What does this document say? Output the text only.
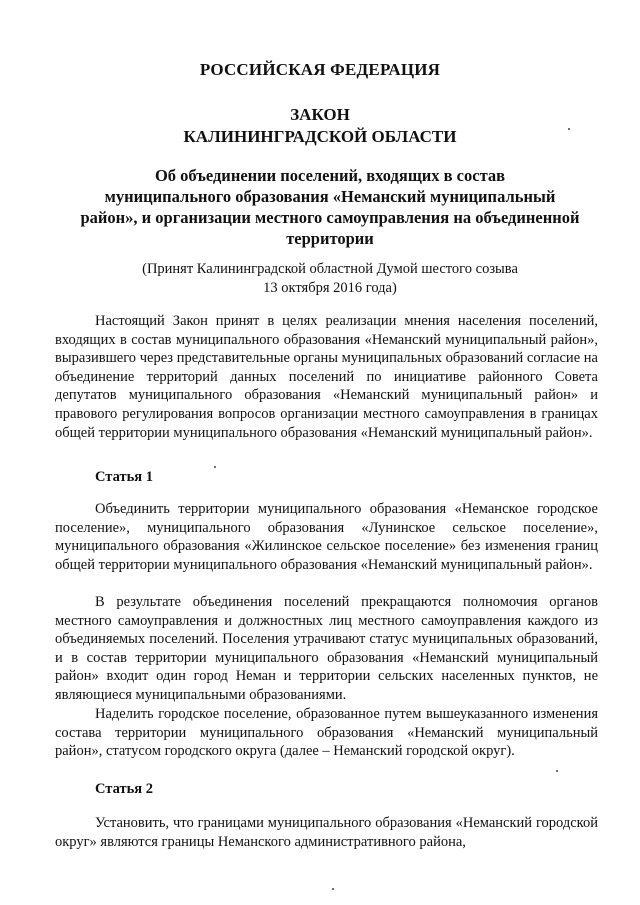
РОССИЙСКАЯ ФЕДЕРАЦИЯ
ЗАКОН
КАЛИНИНГРАДСКОЙ ОБЛАСТИ
Об объединении поселений, входящих в состав
муниципального образования «Неманский муниципальный
район», и организации местного самоуправления на объединенной
территории
(Принят Калининградской областной Думой шестого созыва
13 октября 2016 года)

Настоящий Закон принят в целях реализации мнения населения поселений, входящих в состав муниципального образования «Неманский муниципальный район», выразившего через представительные органы муниципальных образований согласие на объединение территорий данных поселений по инициативе районного Совета депутатов муниципального образования «Неманский муниципальный район» и правового регулирования вопросов организации местного самоуправления в границах общей территории муниципального образования «Неманский муниципальный район».

Статья 1

Объединить территории муниципального образования «Неманское городское поселение», муниципального образования «Лунинское сельское поселение», муниципального образования «Жилинское сельское поселение» без изменения границ общей территории муниципального образования «Неманский муниципальный район».

В результате объединения поселений прекращаются полномочия органов местного самоуправления и должностных лиц местного самоуправления каждого из объединяемых поселений. Поселения утрачивают статус муниципальных образований, и в состав территории муниципального образования «Неманский муниципальный район» входит один город Неман и территории сельских населенных пунктов, не являющиеся муниципальными образованиями.

Наделить городское поселение, образованное путем вышеуказанного изменения состава территории муниципального образования «Неманский муниципальный район», статусом городского округа (далее – Неманский городской округ).

Статья 2

Установить, что границами муниципального образования «Неманский городской округ» являются границы Неманского административного района,
